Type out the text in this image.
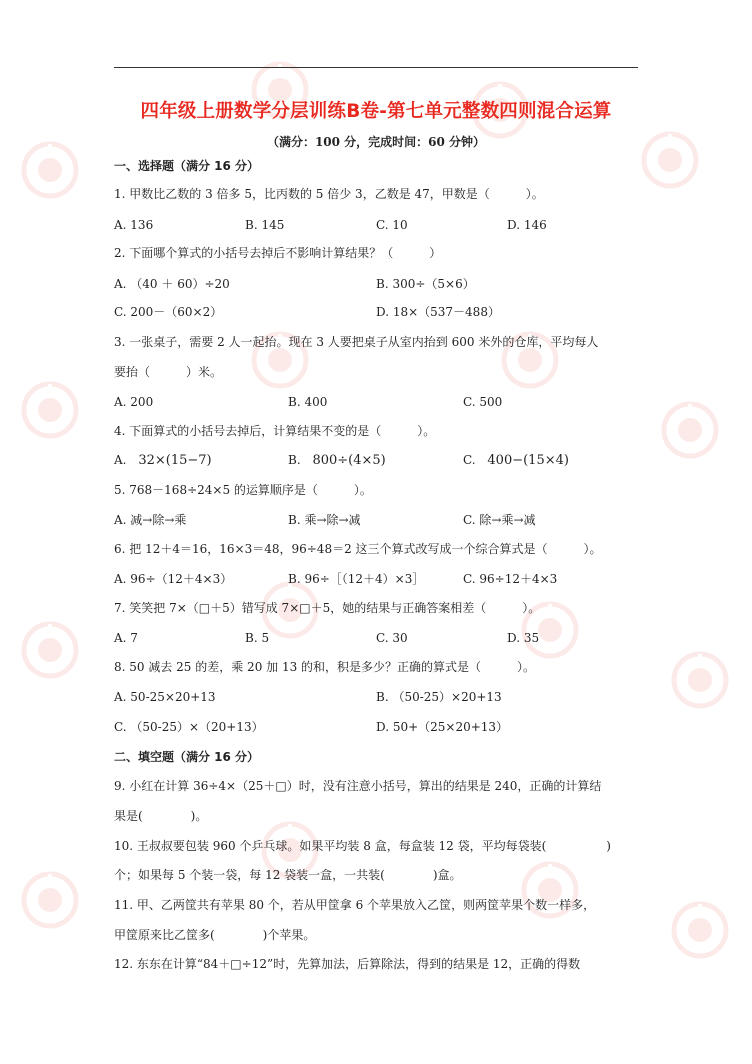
四年级上册数学分层训练B卷-第七单元整数四则混合运算
（满分：100 分，完成时间：60 分钟）
一、选择题（满分 16 分）
1. 甲数比乙数的 3 倍多 5，比丙数的 5 倍少 3，乙数是 47，甲数是（　　　）。
A. 136	B. 145	C. 10	D. 146
2. 下面哪个算式的小括号去掉后不影响计算结果？（　　　）
A. （40 ＋ 60）÷20	B. 300÷（5×6）
C. 200－（60×2）	D. 18×（537－488）
3. 一张桌子，需要 2 人一起抬。现在 3 人要把桌子从室内抬到 600 米外的仓库，平均每人
要抬（　　　）米。
A. 200	B. 400	C. 500
4. 下面算式的小括号去掉后，计算结果不变的是（　　　）。
A. 32×(15−7)	B. 800÷(4×5)	C. 400−(15×4)
5. 768－168÷24×5 的运算顺序是（　　　）。
A. 减→除→乘	B. 乘→除→减	C. 除→乘→减
6. 把 12＋4＝16，16×3＝48，96÷48＝2 这三个算式改写成一个综合算式是（　　　）。
A. 96÷（12＋4×3）	B. 96÷［（12＋4）×3］	C. 96÷12＋4×3
7. 笑笑把 7×（□＋5）错写成 7×□＋5，她的结果与正确答案相差（　　　）。
A. 7	B. 5	C. 30	D. 35
8. 50 减去 25 的差，乘 20 加 13 的和，积是多少？正确的算式是（　　　）。
A. 50-25×20+13	B. （50-25）×20+13
C. （50-25）×（20+13）	D. 50+（25×20+13）
二、填空题（满分 16 分）
9. 小红在计算 36÷4×（25＋□）时，没有注意小括号，算出的结果是 240，正确的计算结
果是(　　　　)。
10. 王叔叔要包装 960 个乒乓球。如果平均装 8 盒，每盒装 12 袋，平均每袋装(　　　　　)
个；如果每 5 个装一袋，每 12 袋装一盒，一共装(　　　　)盒。
11. 甲、乙两筐共有苹果 80 个，若从甲筐拿 6 个苹果放入乙筐，则两筐苹果个数一样多，
甲筐原来比乙筐多(　　　　)个苹果。
12. 东东在计算“84＋□÷12”时，先算加法，后算除法，得到的结果是 12，正确的得数
